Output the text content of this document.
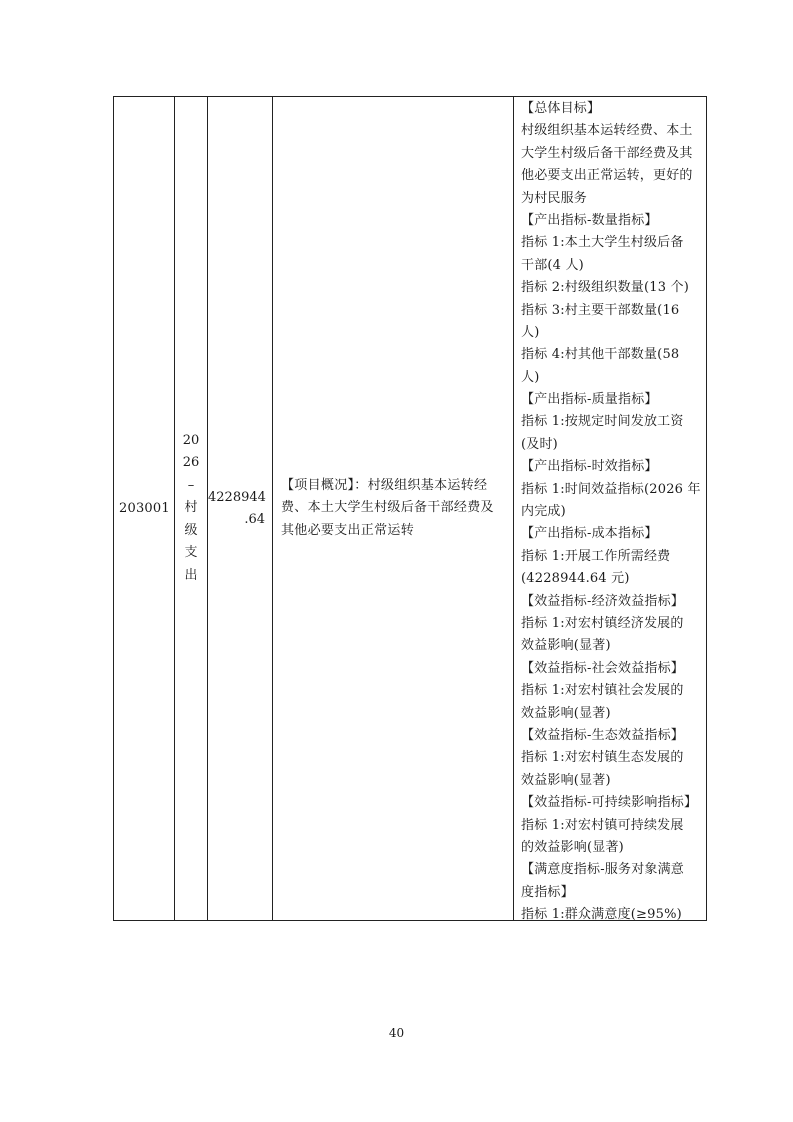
203001
20
26
–
村
级
支
出
4228944
.64
【项目概况】：村级组织基本运转经费、本土大学生村级后备干部经费及其他必要支出正常运转
【总体目标】
村级组织基本运转经费、本土
大学生村级后备干部经费及其
他必要支出正常运转，更好的
为村民服务
【产出指标-数量指标】
指标 1:本土大学生村级后备
干部(4 人)
指标 2:村级组织数量(13 个)
指标 3:村主要干部数量(16
人)
指标 4:村其他干部数量(58
人)
【产出指标-质量指标】
指标 1:按规定时间发放工资
(及时)
【产出指标-时效指标】
指标 1:时间效益指标(2026 年
内完成)
【产出指标-成本指标】
指标 1:开展工作所需经费
(4228944.64 元)
【效益指标-经济效益指标】
指标 1:对宏村镇经济发展的
效益影响(显著)
【效益指标-社会效益指标】
指标 1:对宏村镇社会发展的
效益影响(显著)
【效益指标-生态效益指标】
指标 1:对宏村镇生态发展的
效益影响(显著)
【效益指标-可持续影响指标】
指标 1:对宏村镇可持续发展
的效益影响(显著)
【满意度指标-服务对象满意
度指标】
指标 1:群众满意度(≥95%)
40
